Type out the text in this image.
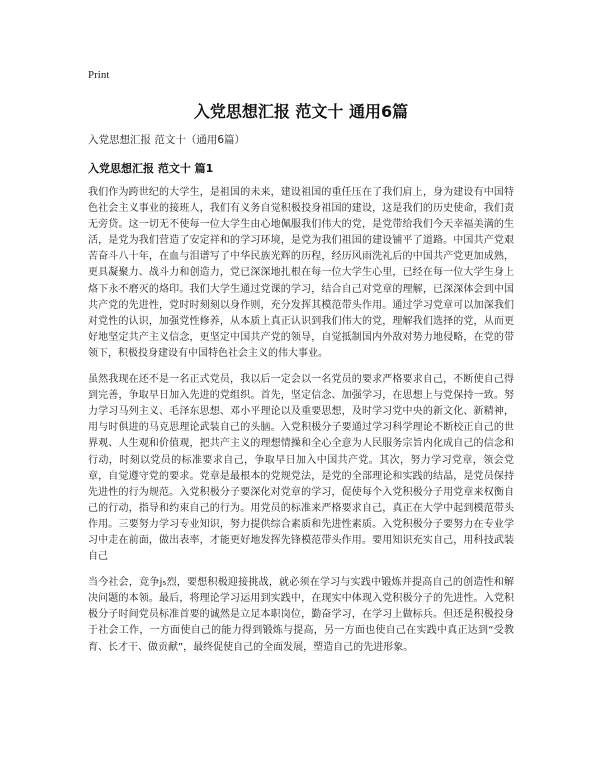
Print
入党思想汇报 范文十 通用6篇
入党思想汇报 范文十（通用6篇）
入党思想汇报 范文十 篇1

我们作为跨世纪的大学生，是祖国的未来，建设祖国的重任压在了我们肩上，身为建设有中国特色社会主义事业的接班人，我们有义务自觉积极投身祖国的建设，这是我们的历史使命，我们责无旁贷。这一切无不使每一位大学生由心地佩服我们伟大的党，是党带给我们今天幸福美满的生活，是党为我们营造了安定祥和的学习环境，是党为我们祖国的建设铺平了道路。中国共产党艰苦奋斗八十年，在血与泪谱写了中华民族光辉的历程，经历风雨洗礼后的中国共产党更加成熟，更具凝聚力、战斗力和创造力，党已深深地扎根在每一位大学生心里，已经在每一位大学生身上烙下永不磨灭的烙印。我们大学生通过党课的学习，结合自己对党章的理解，已深深体会到中国共产党的先进性，党时时刻刻以身作则，充分发挥其模范带头作用。通过学习党章可以加深我们对党性的认识，加强党性修养，从本质上真正认识到我们伟大的党，理解我们选择的党，从而更好地坚定共产主义信念，更坚定中国共产党的领导，自觉抵制国内外敌对势力地侵略，在党的带领下，积极投身建设有中国特色社会主义的伟大事业。

虽然我现在还不是一名正式党员，我以后一定会以一名党员的要求严格要求自己，不断使自己得到完善，争取早日加入先进的党组织。首先，坚定信念、加强学习，在思想上与党保持一致。努力学习马列主义、毛泽东思想、邓小平理论以及重要思想，及时学习党中央的新文化、新精神，用与时俱进的马克思理论武装自己的头脑。入党积极分子要通过学习科学理论不断校正自己的世界观、人生观和价值观，把共产主义的理想情操和全心全意为人民服务宗旨内化成自己的信念和行动，时刻以党员的标准要求自己，争取早日加入中国共产党。其次，努力学习党章，领会党章，自觉遵守党的要求。党章是最根本的党规党法，是党的全部理论和实践的结晶，是党员保持先进性的行为规范。入党积极分子要深化对党章的学习，促使每个入党积极分子用党章来权衡自己的行动，指导和约束自己的行为。用党员的标准来严格要求自己，真正在大学中起到模范带头作用。三要努力学习专业知识，努力提供综合素质和先进性素质。入党积极分子要努力在专业学习中走在前面，做出表率，才能更好地发挥先锋模范带头作用。要用知识充实自己，用科技武装自己

当今社会，竞争j₅烈，要想积极迎接挑战，就必须在学习与实践中锻炼并提高自己的创造性和解决问题的本领。最后，将理论学习运用到实践中，在现实中体现入党积极分子的先进性。入党积极分子时间党员标准首要的诚然是立足本职岗位，勤奋学习，在学习上做标兵。但还是积极投身于社会工作，一方面使自己的能力得到锻炼与提高，另一方面也使自己在实践中真正达到“受教育、长才干、做贡献”，最终促使自己的全面发展，塑造自己的先进形象。
